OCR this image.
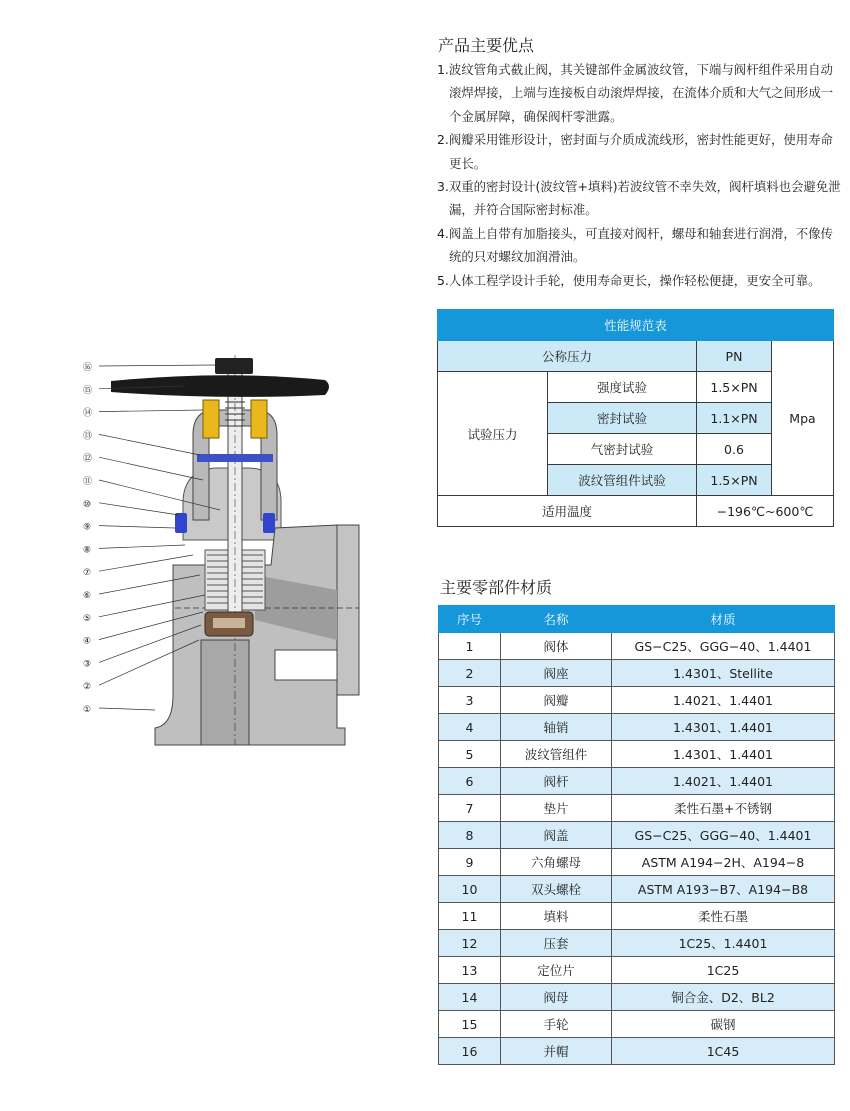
产品主要优点
1.波纹管角式截止阀，其关键部件金属波纹管，下端与阀杆组件采用自动滚焊焊接，上端与连接板自动滚焊焊接，在流体介质和大气之间形成一个金属屏障，确保阀杆零泄露。
2.阀瓣采用锥形设计，密封面与介质成流线形，密封性能更好，使用寿命更长。
3.双重的密封设计(波纹管+填料)若波纹管不幸失效，阀杆填料也会避免泄漏，并符合国际密封标准。
4.阀盖上自带有加脂接头，可直接对阀杆，螺母和轴套进行润滑，不像传统的只对螺纹加润滑油。
5.人体工程学设计手轮，使用寿命更长，操作轻松便捷，更安全可靠。
性能规范表			
公称压力		PN	Mpa
试验压力	强度试验	1.5×PN	
	密封试验	1.1×PN	
	气密封试验	0.6	
	波纹管组件试验	1.5×PN	
适用温度		−196℃~600℃	
主要零部件材质
序号	名称	材质
1	阀体	GS−C25、GGG−40、1.4401
2	阀座	1.4301、Stellite
3	阀瓣	1.4021、1.4401
4	轴销	1.4301、1.4401
5	波纹管组件	1.4301、1.4401
6	阀杆	1.4021、1.4401
7	垫片	柔性石墨+不锈钢
8	阀盖	GS−C25、GGG−40、1.4401
9	六角螺母	ASTM A194−2H、A194−8
10	双头螺栓	ASTM A193−B7、A194−B8
11	填料	柔性石墨
12	压套	1C25、1.4401
13	定位片	1C25
14	阀母	铜合金、D2、BL2
15	手轮	碳钢
16	并帽	1C45
⑯
⑮
⑭
⑬
⑫
⑪
⑩
⑨
⑧
⑦
⑥
⑤
④
③
②
①
